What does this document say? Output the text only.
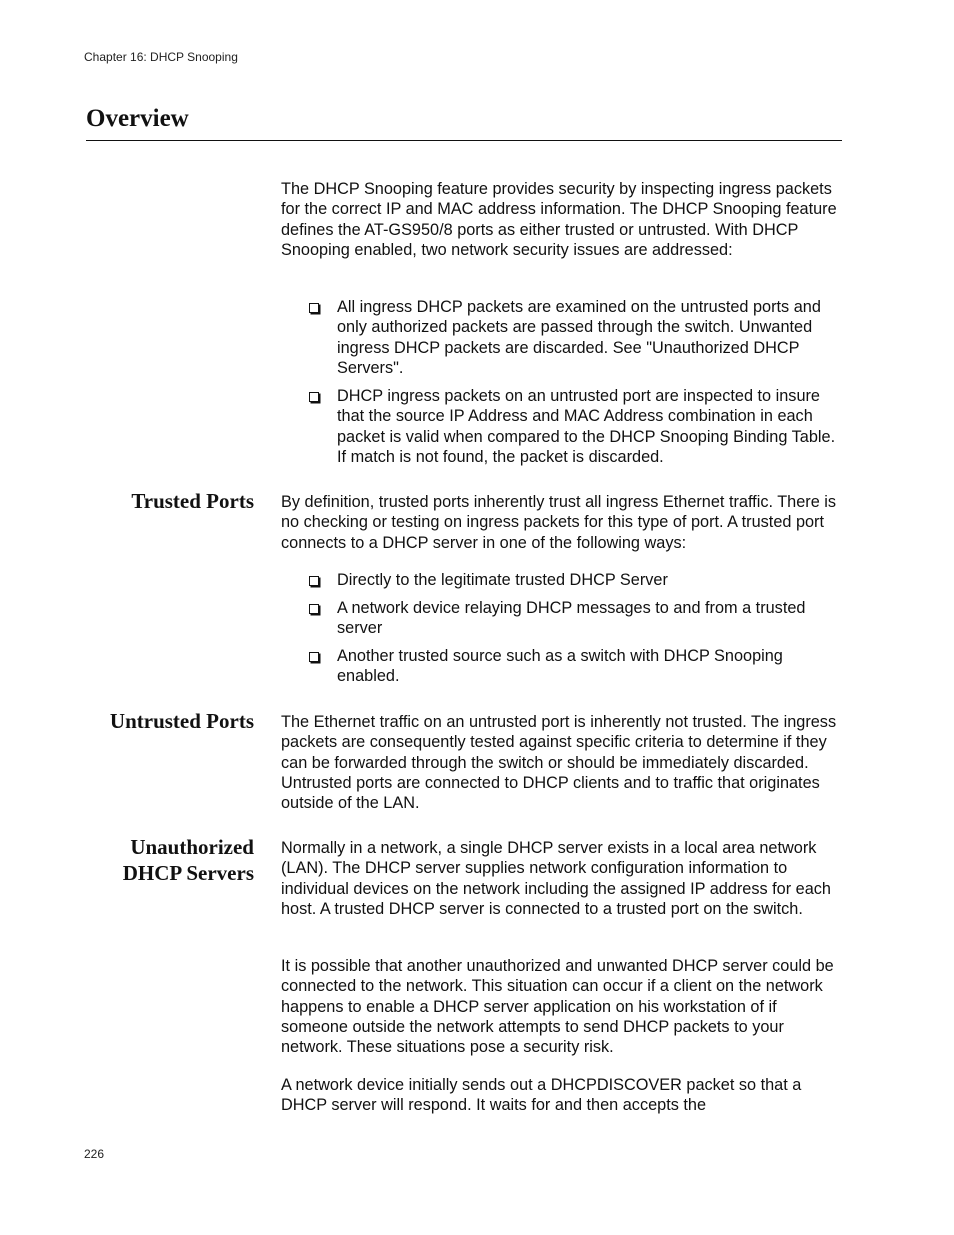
Chapter 16: DHCP Snooping
Overview

The DHCP Snooping feature provides security by inspecting ingress packets for the correct IP and MAC address information. The DHCP Snooping feature defines the AT-GS950/8 ports as either trusted or untrusted. With DHCP Snooping enabled, two network security issues are addressed:

All ingress DHCP packets are examined on the untrusted ports and only authorized packets are passed through the switch. Unwanted ingress DHCP packets are discarded. See "Unauthorized DHCP Servers".

DHCP ingress packets on an untrusted port are inspected to insure that the source IP Address and MAC Address combination in each packet is valid when compared to the DHCP Snooping Binding Table. If match is not found, the packet is discarded.

Trusted Ports By definition, trusted ports inherently trust all ingress Ethernet traffic. There is no checking or testing on ingress packets for this type of port. A trusted port connects to a DHCP server in one of the following ways:

Directly to the legitimate trusted DHCP Server

A network device relaying DHCP messages to and from a trusted server

Another trusted source such as a switch with DHCP Snooping enabled.

Untrusted Ports The Ethernet traffic on an untrusted port is inherently not trusted. The ingress packets are consequently tested against specific criteria to determine if they can be forwarded through the switch or should be immediately discarded. Untrusted ports are connected to DHCP clients and to traffic that originates outside of the LAN.

Unauthorized
DHCP Servers

Normally in a network, a single DHCP server exists in a local area network (LAN). The DHCP server supplies network configuration information to individual devices on the network including the assigned IP address for each host. A trusted DHCP server is connected to a trusted port on the switch.

It is possible that another unauthorized and unwanted DHCP server could be connected to the network. This situation can occur if a client on the network happens to enable a DHCP server application on his workstation of if someone outside the network attempts to send DHCP packets to your network. These situations pose a security risk.

A network device initially sends out a DHCPDISCOVER packet so that a DHCP server will respond. It waits for and then accepts the

226
